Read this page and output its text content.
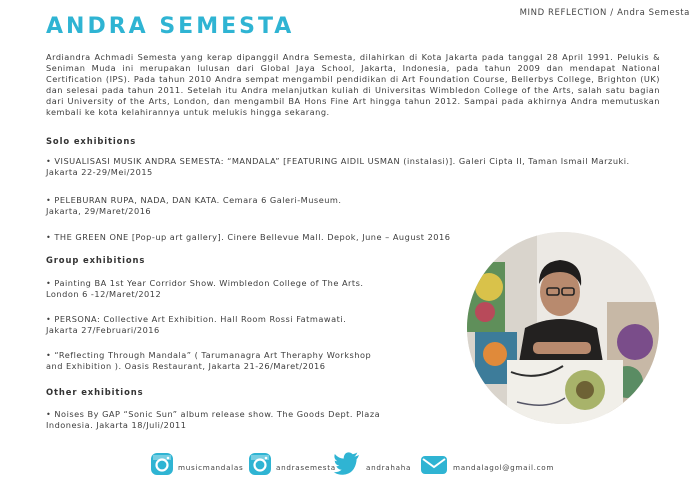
MIND REFLECTION / Andra Semesta
ANDRA SEMESTA

Ardiandra Achmadi Semesta yang kerap dipanggil Andra Semesta, dilahirkan di Kota Jakarta pada tanggal 28 April 1991. Pelukis & Seniman Muda ini merupakan lulusan dari Global Jaya School, Jakarta, Indonesia, pada tahun 2009 dan mendapat National Certification (IPS). Pada tahun 2010 Andra sempat mengambil pendidikan di Art Foundation Course, Bellerbys College, Brighton (UK) dan selesai pada tahun 2011. Setelah itu Andra melanjutkan kuliah di Universitas Wimbledon College of the Arts, salah satu bagian dari University of the Arts, London, dan mengambil BA Hons Fine Art hingga tahun 2012. Sampai pada akhirnya Andra memutuskan kembali ke kota kelahirannya untuk melukis hingga sekarang.

Solo exhibitions
• VISUALISASI MUSIK ANDRA SEMESTA: “MANDALA” [FEATURING AIDIL USMAN (instalasi)]. Galeri Cipta II, Taman Ismail Marzuki. Jakarta 22-29/Mei/2015
• PELEBURAN RUPA, NADA, DAN KATA. Cemara 6 Galeri-Museum.
Jakarta, 29/Maret/2016
• THE GREEN ONE [Pop-up art gallery]. Cinere Bellevue Mall. Depok, June – August 2016
Group exhibitions
• Painting BA 1st Year Corridor Show. Wimbledon College of The Arts.
London 6 -12/Maret/2012
• PERSONA: Collective Art Exhibition. Hall Room Rossi Fatmawati.
Jakarta 27/Februari/2016
• “Reflecting Through Mandala” ( Tarumanagra Art Theraphy Workshop
and Exhibition ). Oasis Restaurant, Jakarta 21-26/Maret/2016
Other exhibitions
• Noises By GAP “Sonic Sun” album release show. The Goods Dept. Plaza
Indonesia. Jakarta 18/Juli/2011
musicmandalas	andrasemesta	andrahaha	mandalagol@gmail.com
